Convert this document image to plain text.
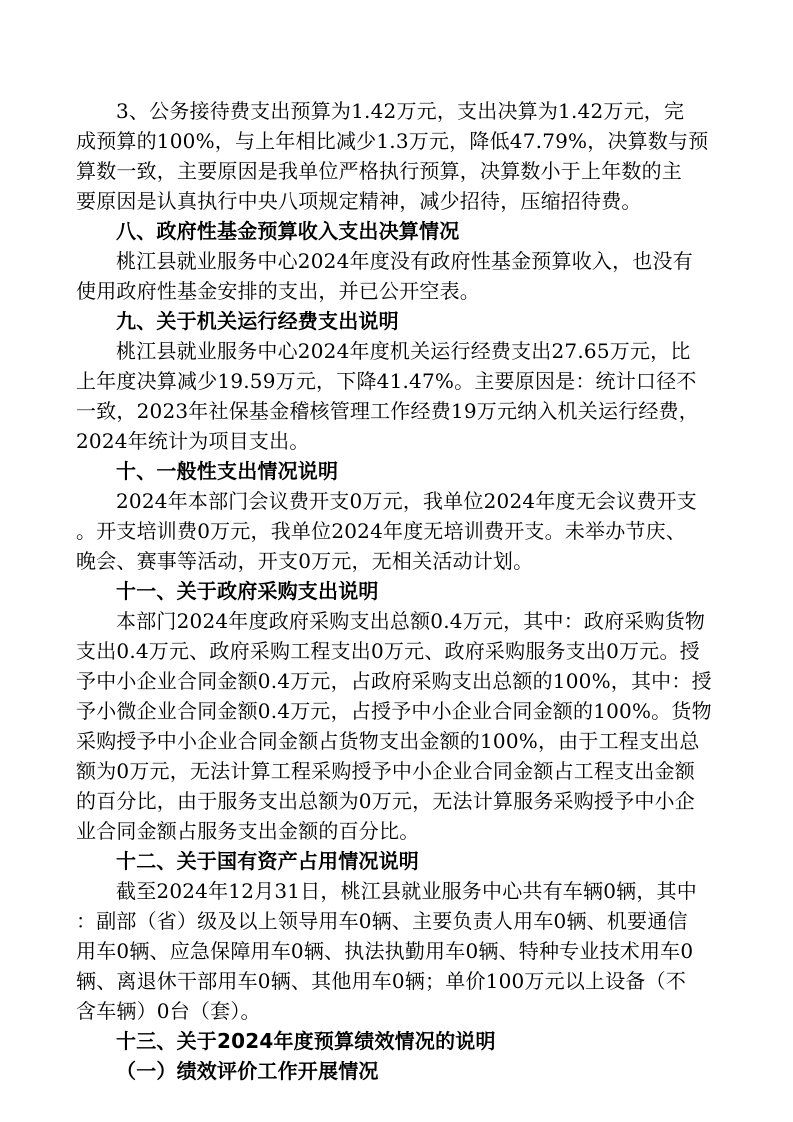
3、公务接待费支出预算为1.42万元，支出决算为1.42万元，完
成预算的100%，与上年相比减少1.3万元，降低47.79%，决算数与预
算数一致，主要原因是我单位严格执行预算，决算数小于上年数的主
要原因是认真执行中央八项规定精神，减少招待，压缩招待费。
八、政府性基金预算收入支出决算情况
桃江县就业服务中心2024年度没有政府性基金预算收入，也没有
使用政府性基金安排的支出，并已公开空表。
九、关于机关运行经费支出说明
桃江县就业服务中心2024年度机关运行经费支出27.65万元，比
上年度决算减少19.59万元，下降41.47%。主要原因是：统计口径不
一致，2023年社保基金稽核管理工作经费19万元纳入机关运行经费，
2024年统计为项目支出。
十、一般性支出情况说明
2024年本部门会议费开支0万元，我单位2024年度无会议费开支
。开支培训费0万元，我单位2024年度无培训费开支。未举办节庆、
晚会、赛事等活动，开支0万元，无相关活动计划。
十一、关于政府采购支出说明
本部门2024年度政府采购支出总额0.4万元，其中：政府采购货物
支出0.4万元、政府采购工程支出0万元、政府采购服务支出0万元。授
予中小企业合同金额0.4万元，占政府采购支出总额的100%，其中：授
予小微企业合同金额0.4万元，占授予中小企业合同金额的100%。货物
采购授予中小企业合同金额占货物支出金额的100%，由于工程支出总
额为0万元，无法计算工程采购授予中小企业合同金额占工程支出金额
的百分比，由于服务支出总额为0万元，无法计算服务采购授予中小企
业合同金额占服务支出金额的百分比。
十二、关于国有资产占用情况说明
截至2024年12月31日，桃江县就业服务中心共有车辆0辆，其中
：副部（省）级及以上领导用车0辆、主要负责人用车0辆、机要通信
用车0辆、应急保障用车0辆、执法执勤用车0辆、特种专业技术用车0
辆、离退休干部用车0辆、其他用车0辆；单价100万元以上设备（不
含车辆）0台（套）。
十三、关于2024年度预算绩效情况的说明
（一）绩效评价工作开展情况
